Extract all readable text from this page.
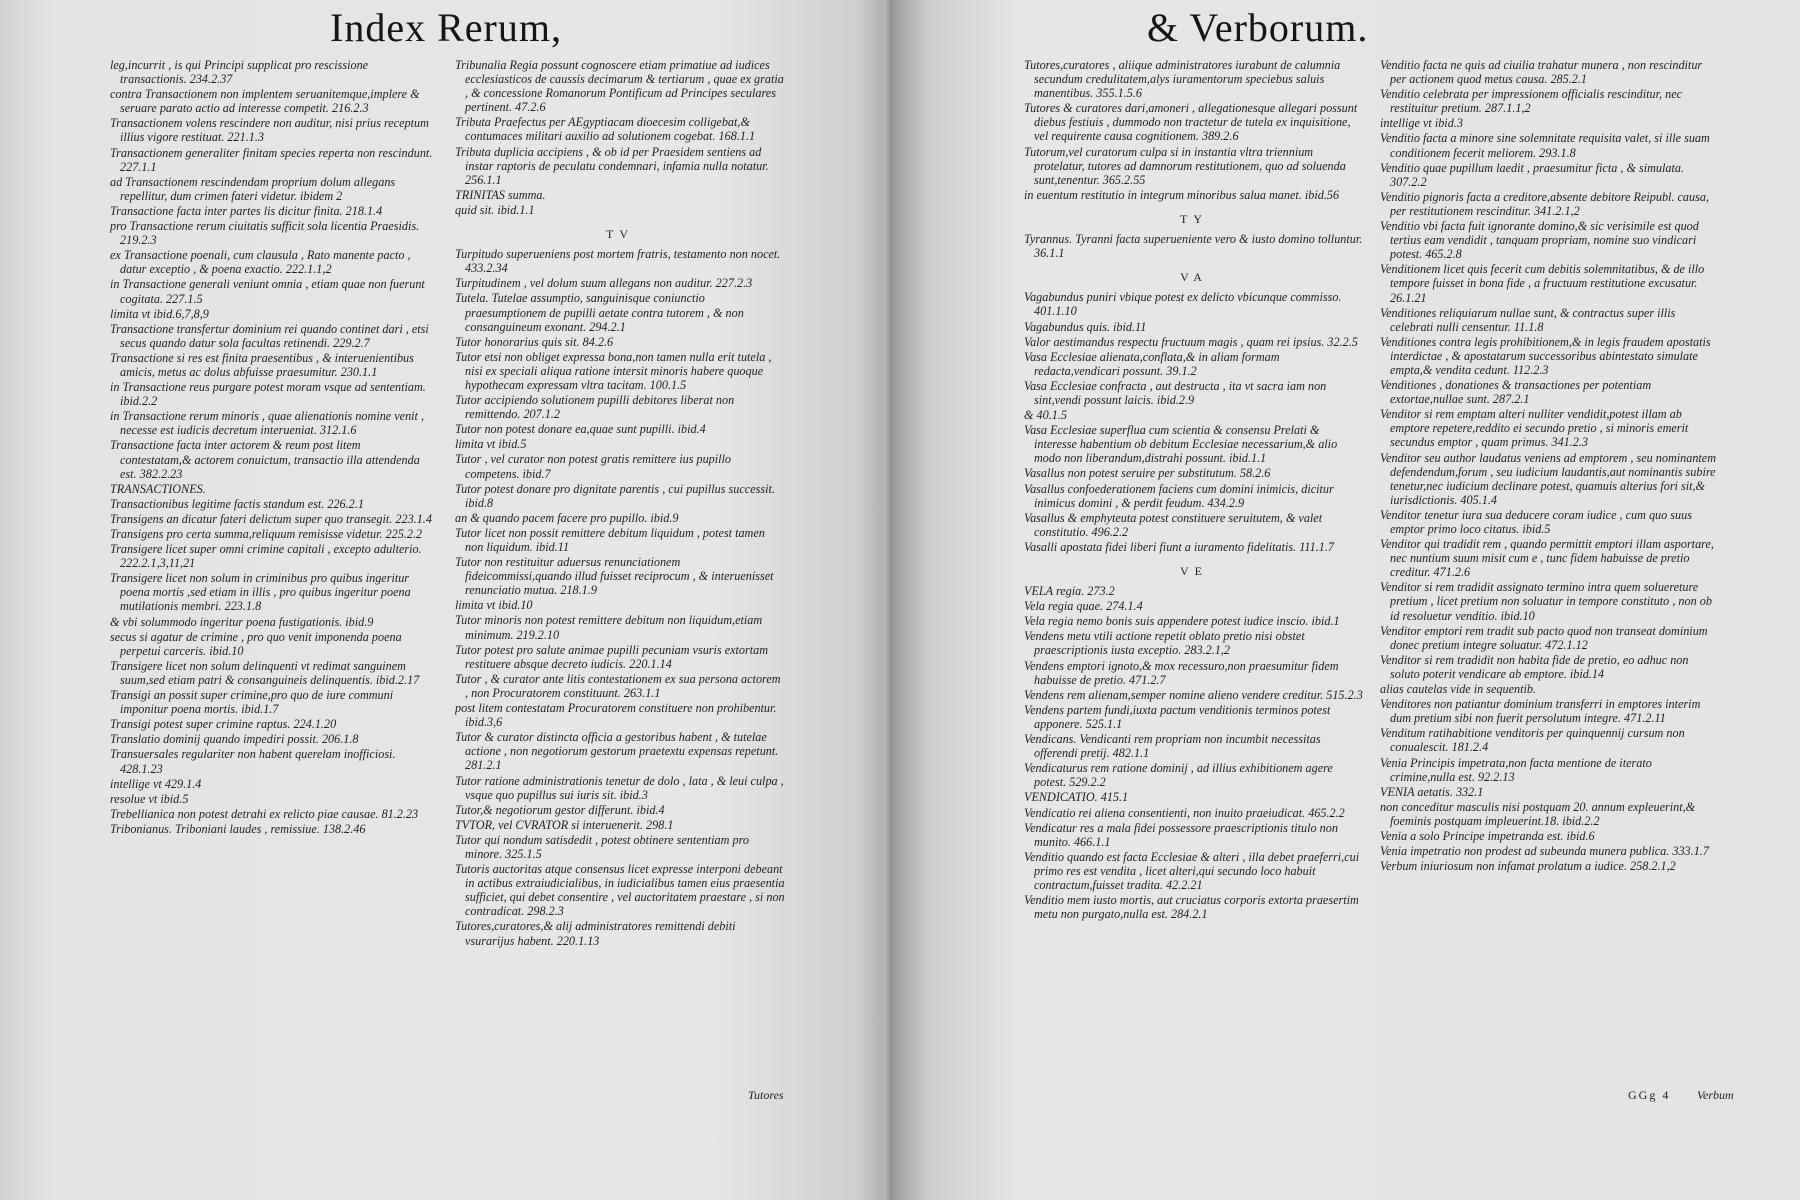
Index Rerum,

leg,incurrit , is qui Principi supplicat pro rescissione transactionis. 234.2.37

contra Transactionem non implentem seruanitemque,implere & seruare parato actio ad interesse competit. 216.2.3

Transactionem volens rescindere non auditur, nisi prius receptum illius vigore restituat. 221.1.3

Transactionem generaliter finitam species reperta non rescindunt. 227.1.1

ad Transactionem rescindendam proprium dolum allegans repellitur, dum crimen fateri videtur. ibidem 2

Transactione facta inter partes lis dicitur finita. 218.1.4

pro Transactione rerum ciuitatis sufficit sola licentia Praesidis. 219.2.3

ex Transactione poenali, cum clausula , Rato manente pacto , datur exceptio , & poena exactio. 222.1.1,2

in Transactione generali veniunt omnia , etiam quae non fuerunt cogitata. 227.1.5

limita vt ibid.6,7,8,9

Transactione transfertur dominium rei quando continet dari , etsi secus quando datur sola facultas retinendi. 229.2.7

Transactione si res est finita praesentibus , & interuenientibus amicis, metus ac dolus abfuisse praesumitur. 230.1.1

in Transactione reus purgare potest moram vsque ad sententiam. ibid.2.2

in Transactione rerum minoris , quae alienationis nomine venit , necesse est iudicis decretum interueniat. 312.1.6

Transactione facta inter actorem & reum post litem contestatam,& actorem conuictum, transactio illa attendenda est. 382.2.23

TRANSACTIONES.

Transactionibus legitime factis standum est. 226.2.1

Transigens an dicatur fateri delictum super quo transegit. 223.1.4

Transigens pro certa summa,reliquum remisisse videtur. 225.2.2

Transigere licet super omni crimine capitali , excepto adulterio. 222.2.1,3,11,21

Transigere licet non solum in criminibus pro quibus ingeritur poena mortis ,sed etiam in illis , pro quibus ingeritur poena mutilationis membri. 223.1.8

& vbi solummodo ingeritur poena fustigationis. ibid.9

secus si agatur de crimine , pro quo venit imponenda poena perpetui carceris. ibid.10

Transigere licet non solum delinquenti vt redimat sanguinem suum,sed etiam patri & consanguineis delinquentis. ibid.2.17

Transigi an possit super crimine,pro quo de iure communi imponitur poena mortis. ibid.1.7

Transigi potest super crimine raptus. 224.1.20

Translatio dominij quando impediri possit. 206.1.8

Transuersales regulariter non habent querelam inofficiosi. 428.1.23

intellige vt 429.1.4

resolue vt ibid.5

Trebellianica non potest detrahi ex relicto piae causae. 81.2.23

Tribonianus. Triboniani laudes , remissiue. 138.2.46

Tribunalia Regia possunt cognoscere etiam primatiue ad iudices ecclesiasticos de caussis decimarum & tertiarum , quae ex gratia , & concessione Romanorum Pontificum ad Principes seculares pertinent. 47.2.6

Tributa Praefectus per AEgyptiacam dioecesim colligebat,& contumaces militari auxilio ad solutionem cogebat. 168.1.1

Tributa duplicia accipiens , & ob id per Praesidem sentiens ad instar raptoris de peculatu condemnari, infamia nulla notatur. 256.1.1

TRINITAS summa.

quid sit. ibid.1.1

TV

Turpitudo superueniens post mortem fratris, testamento non nocet. 433.2.34

Turpitudinem , vel dolum suum allegans non auditur. 227.2.3

Tutela. Tutelae assumptio, sanguinisque coniunctio praesumptionem de pupilli aetate contra tutorem , & non consanguineum exonant. 294.2.1

Tutor honorarius quis sit. 84.2.6

Tutor etsi non obliget expressa bona,non tamen nulla erit tutela , nisi ex speciali aliqua ratione intersit minoris habere quoque hypothecam expressam vltra tacitam. 100.1.5

Tutor accipiendo solutionem pupilli debitores liberat non remittendo. 207.1.2

Tutor non potest donare ea,quae sunt pupilli. ibid.4

limita vt ibid.5

Tutor , vel curator non potest gratis remittere ius pupillo competens. ibid.7

Tutor potest donare pro dignitate parentis , cui pupillus successit. ibid.8

an & quando pacem facere pro pupillo. ibid.9

Tutor licet non possit remittere debitum liquidum , potest tamen non liquidum. ibid.11

Tutor non restituitur aduersus renunciationem fideicommissi,quando illud fuisset reciprocum , & interuenisset renunciatio mutua. 218.1.9

limita vt ibid.10

Tutor minoris non potest remittere debitum non liquidum,etiam minimum. 219.2.10

Tutor potest pro salute animae pupilli pecuniam vsuris extortam restituere absque decreto iudicis. 220.1.14

Tutor , & curator ante litis contestationem ex sua persona actorem , non Procuratorem constituunt. 263.1.1

post litem contestatam Procuratorem constituere non prohibentur. ibid.3,6

Tutor & curator distincta officia a gestoribus habent , & tutelae actione , non negotiorum gestorum praetextu expensas repetunt. 281.2.1

Tutor ratione administrationis tenetur de dolo , lata , & leui culpa , vsque quo pupillus sui iuris sit. ibid.3

Tutor,& negotiorum gestor differunt. ibid.4

TVTOR, vel CVRATOR si interuenerit. 298.1

Tutor qui nondum satisdedit , potest obtinere sententiam pro minore. 325.1.5

Tutoris auctoritas atque consensus licet expresse interponi debeant in actibus extraiudicialibus, in iudicialibus tamen eius praesentia sufficiet, qui debet consentire , vel auctoritatem praestare , si non contradicat. 298.2.3

Tutores,curatores,& alij administratores remittendi debiti vsurarijus habent. 220.1.13

Tutores
& Verborum.

Tutores,curatores , aliique administratores iurabunt de calumnia secundum credulitatem,alys iuramentorum speciebus saluis manentibus. 355.1.5.6

Tutores & curatores dari,amoneri , allegationesque allegari possunt diebus festiuis , dummodo non tractetur de tutela ex inquisitione, vel requirente causa cognitionem. 389.2.6

Tutorum,vel curatorum culpa si in instantia vltra triennium protelatur, tutores ad damnorum restitutionem, quo ad soluenda sunt,tenentur. 365.2.55

in euentum restitutio in integrum minoribus salua manet. ibid.56

TY

Tyrannus. Tyranni facta superueniente vero & iusto domino tolluntur. 36.1.1

VA

Vagabundus puniri vbique potest ex delicto vbicunque commisso. 401.1.10

Vagabundus quis. ibid.11

Valor aestimandus respectu fructuum magis , quam rei ipsius. 32.2.5

Vasa Ecclesiae alienata,conflata,& in aliam formam redacta,vendicari possunt. 39.1.2

Vasa Ecclesiae confracta , aut destructa , ita vt sacra iam non sint,vendi possunt laicis. ibid.2.9

& 40.1.5

Vasa Ecclesiae superflua cum scientia & consensu Prelati & interesse habentium ob debitum Ecclesiae necessarium,& alio modo non liberandum,distrahi possunt. ibid.1.1

Vasallus non potest seruire per substitutum. 58.2.6

Vasallus confoederationem faciens cum domini inimicis, dicitur inimicus domini , & perdit feudum. 434.2.9

Vasallus & emphyteuta potest constituere seruitutem, & valet constitutio. 496.2.2

Vasalli apostata fidei liberi fiunt a iuramento fidelitatis. 111.1.7

VE

VELA regia. 273.2

Vela regia quae. 274.1.4

Vela regia nemo bonis suis appendere potest iudice inscio. ibid.1

Vendens metu vtili actione repetit oblato pretio nisi obstet praescriptionis iusta exceptio. 283.2.1,2

Vendens emptori ignoto,& mox recessuro,non praesumitur fidem habuisse de pretio. 471.2.7

Vendens rem alienam,semper nomine alieno vendere creditur. 515.2.3

Vendens partem fundi,iuxta pactum venditionis terminos potest apponere. 525.1.1

Vendicans. Vendicanti rem propriam non incumbit necessitas offerendi pretij. 482.1.1

Vendicaturus rem ratione dominij , ad illius exhibitionem agere potest. 529.2.2

VENDICATIO. 415.1

Vendicatio rei aliena consentienti, non inuito praeiudicat. 465.2.2

Vendicatur res a mala fidei possessore praescriptionis titulo non munito. 466.1.1

Venditio quando est facta Ecclesiae & alteri , illa debet praeferri,cui primo res est vendita , licet alteri,qui secundo loco habuit contractum,fuisset tradita. 42.2.21

Venditio mem iusto mortis, aut cruciatus corporis extorta praesertim metu non purgato,nulla est. 284.2.1

Venditio facta ne quis ad ciuilia trahatur munera , non rescinditur per actionem quod metus causa. 285.2.1

Venditio celebrata per impressionem officialis rescinditur, nec restituitur pretium. 287.1.1,2

intellige vt ibid.3

Venditio facta a minore sine solemnitate requisita valet, si ille suam conditionem fecerit meliorem. 293.1.8

Venditio quae pupillum laedit , praesumitur ficta , & simulata. 307.2.2

Venditio pignoris facta a creditore,absente debitore Reipubl. causa, per restitutionem rescinditur. 341.2.1,2

Venditio vbi facta fuit ignorante domino,& sic verisimile est quod tertius eam vendidit , tanquam propriam, nomine suo vindicari potest. 465.2.8

Venditionem licet quis fecerit cum debitis solemnitatibus, & de illo tempore fuisset in bona fide , a fructuum restitutione excusatur. 26.1.21

Venditiones reliquiarum nullae sunt, & contractus super illis celebrati nulli censentur. 11.1.8

Venditiones contra legis prohibitionem,& in legis fraudem apostatis interdictae , & apostatarum successoribus abintestato simulate empta,& vendita cedunt. 112.2.3

Venditiones , donationes & transactiones per potentiam extortae,nullae sunt. 287.2.1

Venditor si rem emptam alteri nulliter vendidit,potest illam ab emptore repetere,reddito ei secundo pretio , si minoris emerit secundus emptor , quam primus. 341.2.3

Venditor seu author laudatus veniens ad emptorem , seu nominantem defendendum,forum , seu iudicium laudantis,aut nominantis subire tenetur,nec iudicium declinare potest, quamuis alterius fori sit,& iurisdictionis. 405.1.4

Venditor tenetur iura sua deducere coram iudice , cum quo suus emptor primo loco citatus. ibid.5

Venditor qui tradidit rem , quando permittit emptori illam asportare, nec nuntium suum misit cum e , tunc fidem habuisse de pretio creditur. 471.2.6

Venditor si rem tradidit assignato termino intra quem soluereture pretium , licet pretium non soluatur in tempore constituto , non ob id resoluetur venditio. ibid.10

Venditor emptori rem tradit sub pacto quod non transeat dominium donec pretium integre soluatur. 472.1.12

Venditor si rem tradidit non habita fide de pretio, eo adhuc non soluto poterit vendicare ab emptore. ibid.14

alias cautelas vide in sequentib.

Venditores non patiantur dominium transferri in emptores interim dum pretium sibi non fuerit persolutum integre. 471.2.11

Venditum ratihabitione venditoris per quinquennij cursum non conualescit. 181.2.4

Venia Principis impetrata,non facta mentione de iterato crimine,nulla est. 92.2.13

VENIA aetatis. 332.1

non conceditur masculis nisi postquam 20. annum expleuerint,& foeminis postquam impleuerint.18. ibid.2.2

Venia a solo Principe impetranda est. ibid.6

Venia impetratio non prodest ad subeunda munera publica. 333.1.7

Verbum iniuriosum non infamat prolatum a iudice. 258.2.1,2

GGg 4 Verbum
